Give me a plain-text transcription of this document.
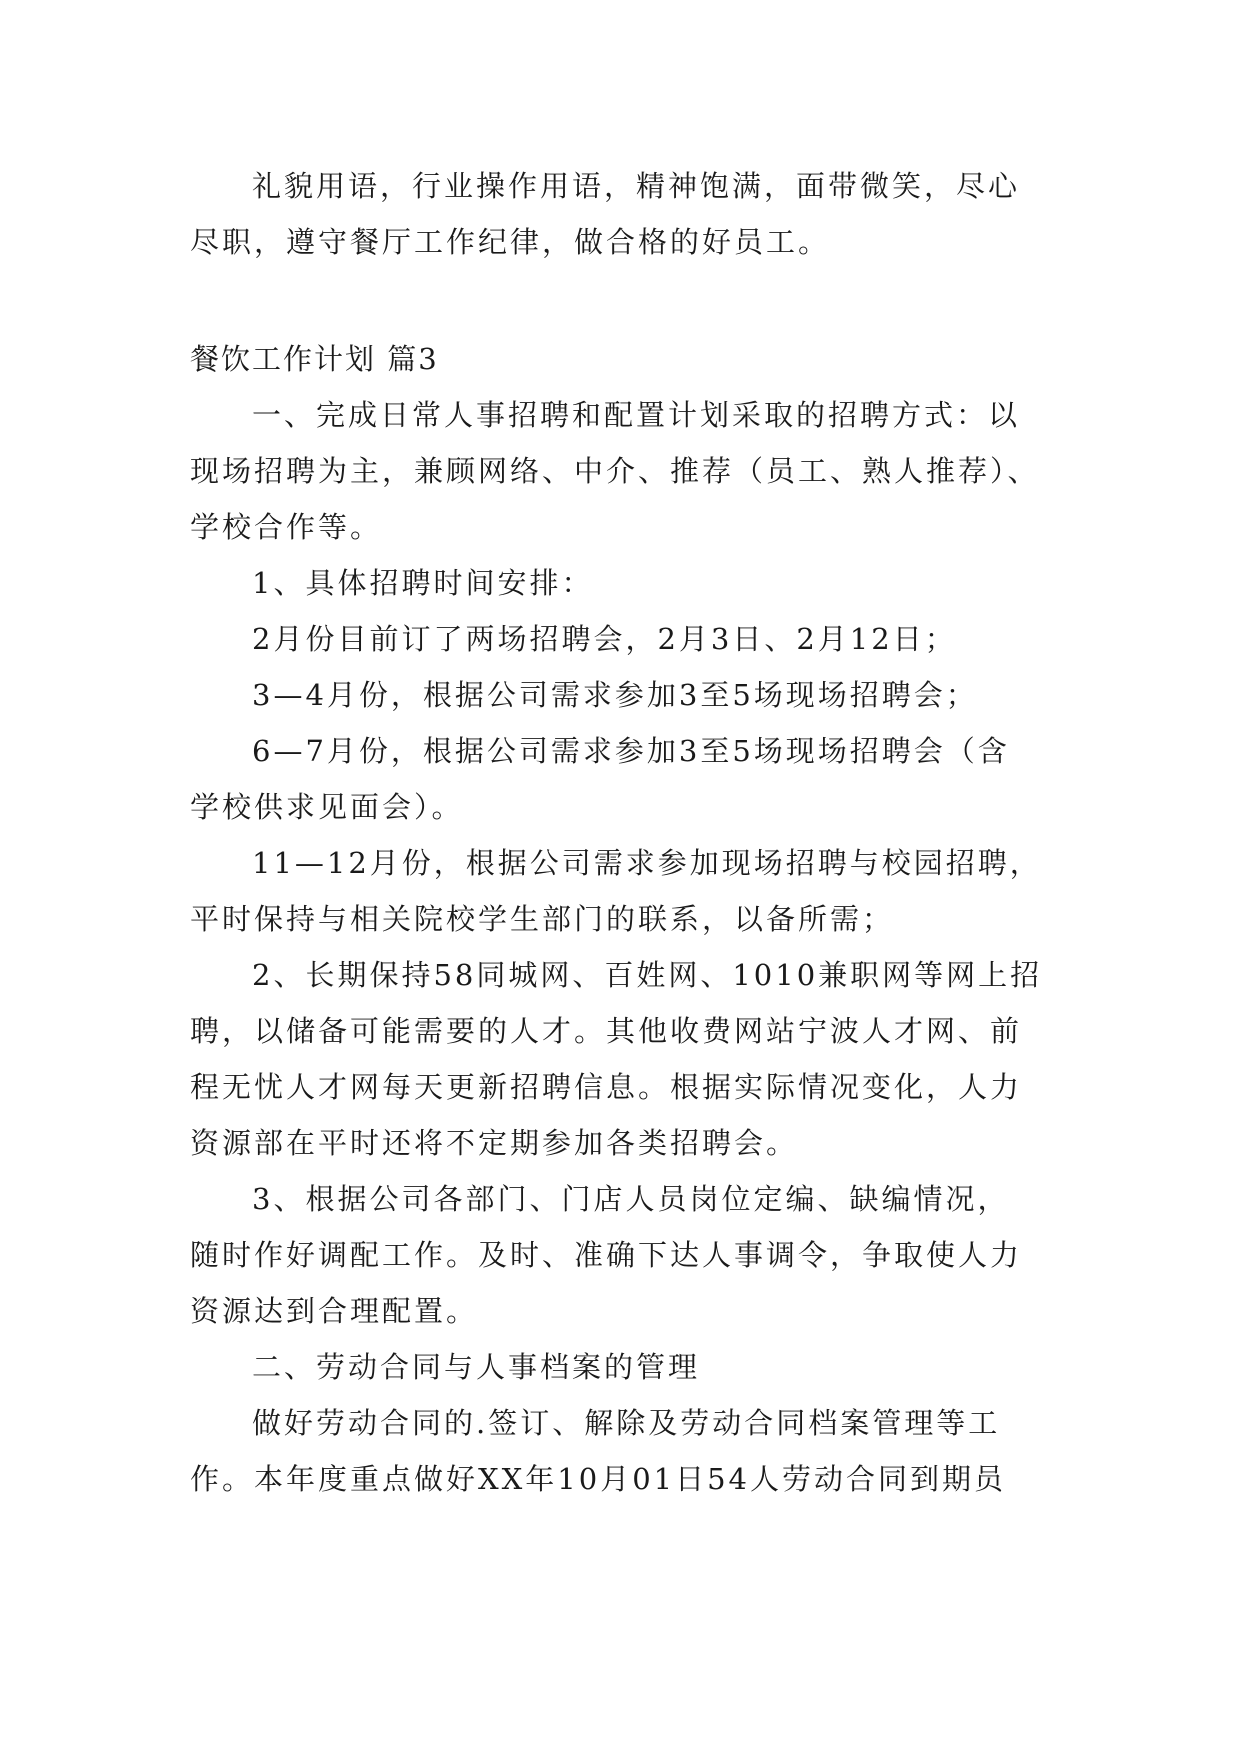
礼貌用语，行业操作用语，精神饱满，面带微笑，尽心
尽职，遵守餐厅工作纪律，做合格的好员工。
餐饮工作计划 篇3
一、完成日常人事招聘和配置计划采取的招聘方式：以
现场招聘为主，兼顾网络、中介、推荐（员工、熟人推荐）、
学校合作等。
1、具体招聘时间安排：
2月份目前订了两场招聘会，2月3日、2月12日；
3—4月份，根据公司需求参加3至5场现场招聘会；
6—7月份，根据公司需求参加3至5场现场招聘会（含
学校供求见面会）。
11—12月份，根据公司需求参加现场招聘与校园招聘，
平时保持与相关院校学生部门的联系，以备所需；
2、长期保持58同城网、百姓网、1010兼职网等网上招
聘，以储备可能需要的人才。其他收费网站宁波人才网、前
程无忧人才网每天更新招聘信息。根据实际情况变化，人力
资源部在平时还将不定期参加各类招聘会。
3、根据公司各部门、门店人员岗位定编、缺编情况，
随时作好调配工作。及时、准确下达人事调令，争取使人力
资源达到合理配置。
二、劳动合同与人事档案的管理
做好劳动合同的.签订、解除及劳动合同档案管理等工
作。本年度重点做好XX年10月01日54人劳动合同到期员
